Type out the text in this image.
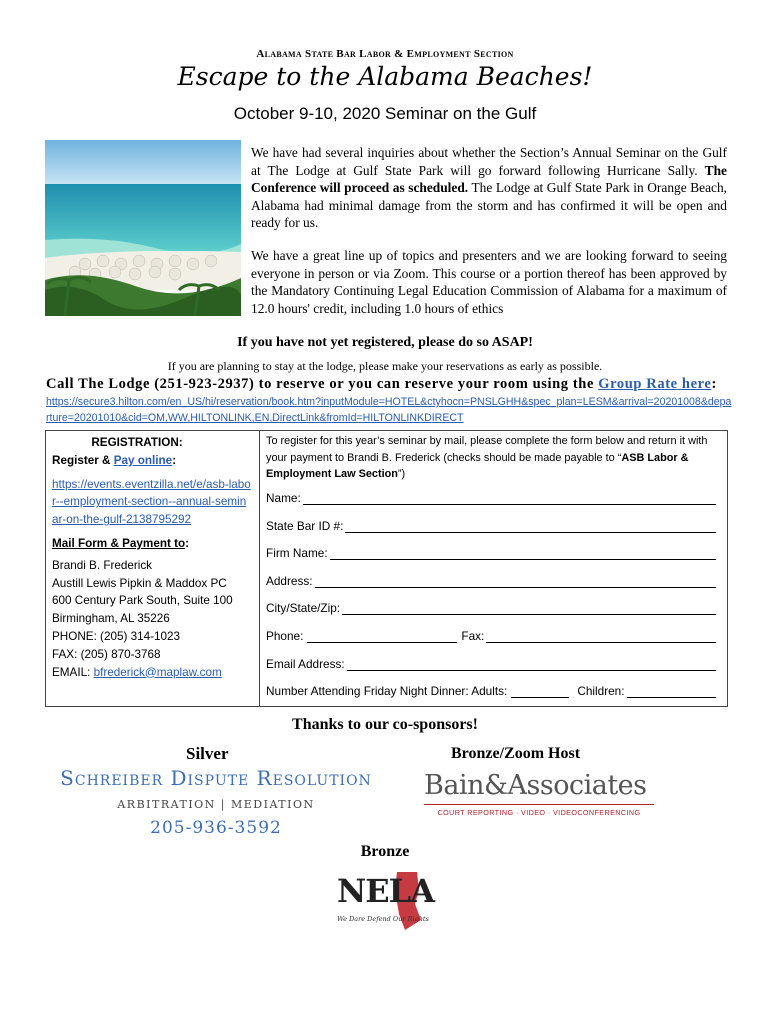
Alabama State Bar Labor & Employment Section
Escape to the Alabama Beaches!
October 9-10, 2020 Seminar on the Gulf
We have had several inquiries about whether the Section’s Annual Seminar on the Gulf at The Lodge at Gulf State Park will go forward following Hurricane Sally. The Conference will proceed as scheduled. The Lodge at Gulf State Park in Orange Beach, Alabama had minimal damage from the storm and has confirmed it will be open and ready for us.
We have a great line up of topics and presenters and we are looking forward to seeing everyone in person or via Zoom. This course or a portion thereof has been approved by the Mandatory Continuing Legal Education Commission of Alabama for a maximum of 12.0 hours' credit, including 1.0 hours of ethics
If you have not yet registered, please do so ASAP!
If you are planning to stay at the lodge, please make your reservations as early as possible.
Call The Lodge (251-923-2937) to reserve or you can reserve your room using the Group Rate here:
https://secure3.hilton.com/en_US/hi/reservation/book.htm?inputModule=HOTEL&ctyhocn=PNSLGHH&spec_plan=LESM&arrival=20201008&departure=20201010&cid=OM,WW,HILTONLINK,EN,DirectLink&fromId=HILTONLINKDIRECT
REGISTRATION:
Register & Pay online:
https://events.eventzilla.net/e/asb-labor--employment-section--annual-seminar-on-the-gulf-2138795292
Mail Form & Payment to:
Brandi B. Frederick
Austill Lewis Pipkin & Maddox PC
600 Century Park South, Suite 100
Birmingham, AL 35226
PHONE: (205) 314-1023
FAX: (205) 870-3768
EMAIL: bfrederick@maplaw.com
To register for this year’s seminar by mail, please complete the form below and return it with your payment to Brandi B. Frederick (checks should be made payable to “ASB Labor & Employment Law Section”)
Name:
State Bar ID #:
Firm Name:
Address:
City/State/Zip:
Phone:	Fax:
Email Address:
Number Attending Friday Night Dinner: Adults:	Children:
Thanks to our co-sponsors!
Silver	Bronze/Zoom Host
Schreiber Dispute Resolution
ARBITRATION | MEDIATION
205-936-3592
Bain&Associates
COURT REPORTING · VIDEO · VIDEOCONFERENCING
Bronze
NELA
We Dare Defend Our Rights
